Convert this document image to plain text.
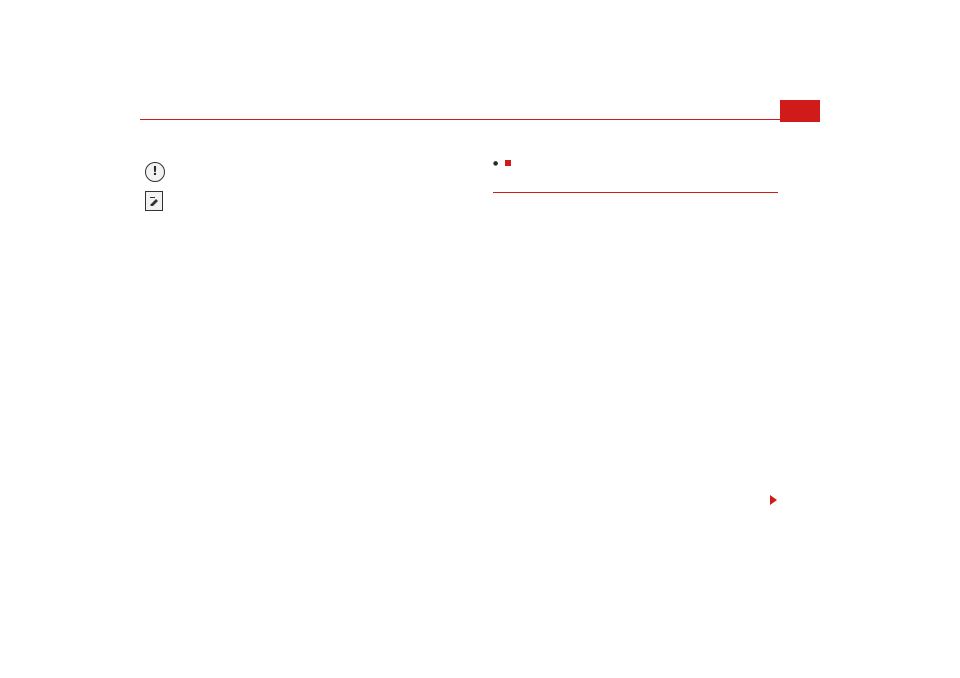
!

●
